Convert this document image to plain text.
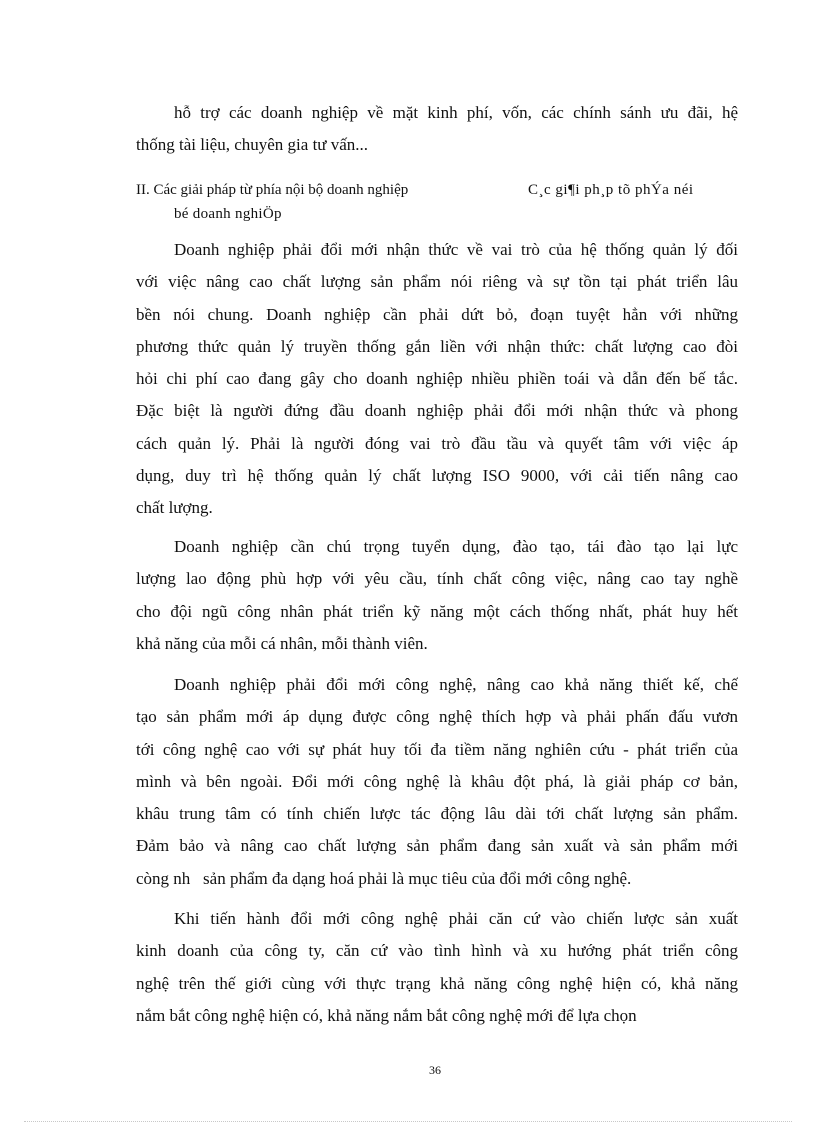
hỗ trợ các doanh nghiệp về mặt kinh phí, vốn, các chính sánh ưu đãi, hệ
thống tài liệu, chuyên gia tư vấn...
II. Các giải pháp từ phía nội bộ doanh nghiệp	C¸c gi¶i ph¸p tõ phÝa néi
bé doanh nghiÖp
Doanh nghiệp phải đổi mới nhận thức về vai trò của hệ thống quản lý đối
với việc nâng cao chất lượng sản phẩm nói riêng và sự tồn tại phát triển lâu
bền nói chung. Doanh nghiệp cần phải dứt bỏ, đoạn tuyệt hẳn với những
phương thức quản lý truyền thống gắn liền với nhận thức: chất lượng cao đòi
hỏi chi phí cao đang gây cho doanh nghiệp nhiều phiền toái và dẫn đến bế tắc.
Đặc biệt là người đứng đầu doanh nghiệp phải đổi mới nhận thức và phong
cách quản lý. Phải là người đóng vai trò đầu tầu và quyết tâm với việc áp
dụng, duy trì hệ thống quản lý chất lượng ISO 9000, với cải tiến nâng cao
chất lượng.
Doanh nghiệp cần chú trọng tuyển dụng, đào tạo, tái đào tạo lại lực
lượng lao động phù hợp với yêu cầu, tính chất công việc, nâng cao tay nghề
cho đội ngũ công nhân phát triển kỹ năng một cách thống nhất, phát huy hết
khả năng của mỗi cá nhân, mỗi thành viên.
Doanh nghiệp phải đổi mới công nghệ, nâng cao khả năng thiết kế, chế
tạo sản phẩm mới áp dụng được công nghệ thích hợp và phải phấn đấu vươn
tới công nghệ cao với sự phát huy tối đa tiềm năng nghiên cứu - phát triển của
mình và bên ngoài. Đổi mới công nghệ là khâu đột phá, là giải pháp cơ bản,
khâu trung tâm có tính chiến lược tác động lâu dài tới chất lượng sản phẩm.
Đảm bảo và nâng cao chất lượng sản phẩm đang sản xuất và sản phẩm mới
còng nh   sản phẩm đa dạng hoá phải là mục tiêu của đổi mới công nghệ.
Khi tiến hành đổi mới công nghệ phải căn cứ vào chiến lược sản xuất
kinh doanh của công ty, căn cứ vào tình hình và xu hướng phát triển công
nghệ trên thế giới cùng với thực trạng khả năng công nghệ hiện có, khả năng
nắm bắt công nghệ hiện có, khả năng nắm bắt công nghệ mới để lựa chọn
36
